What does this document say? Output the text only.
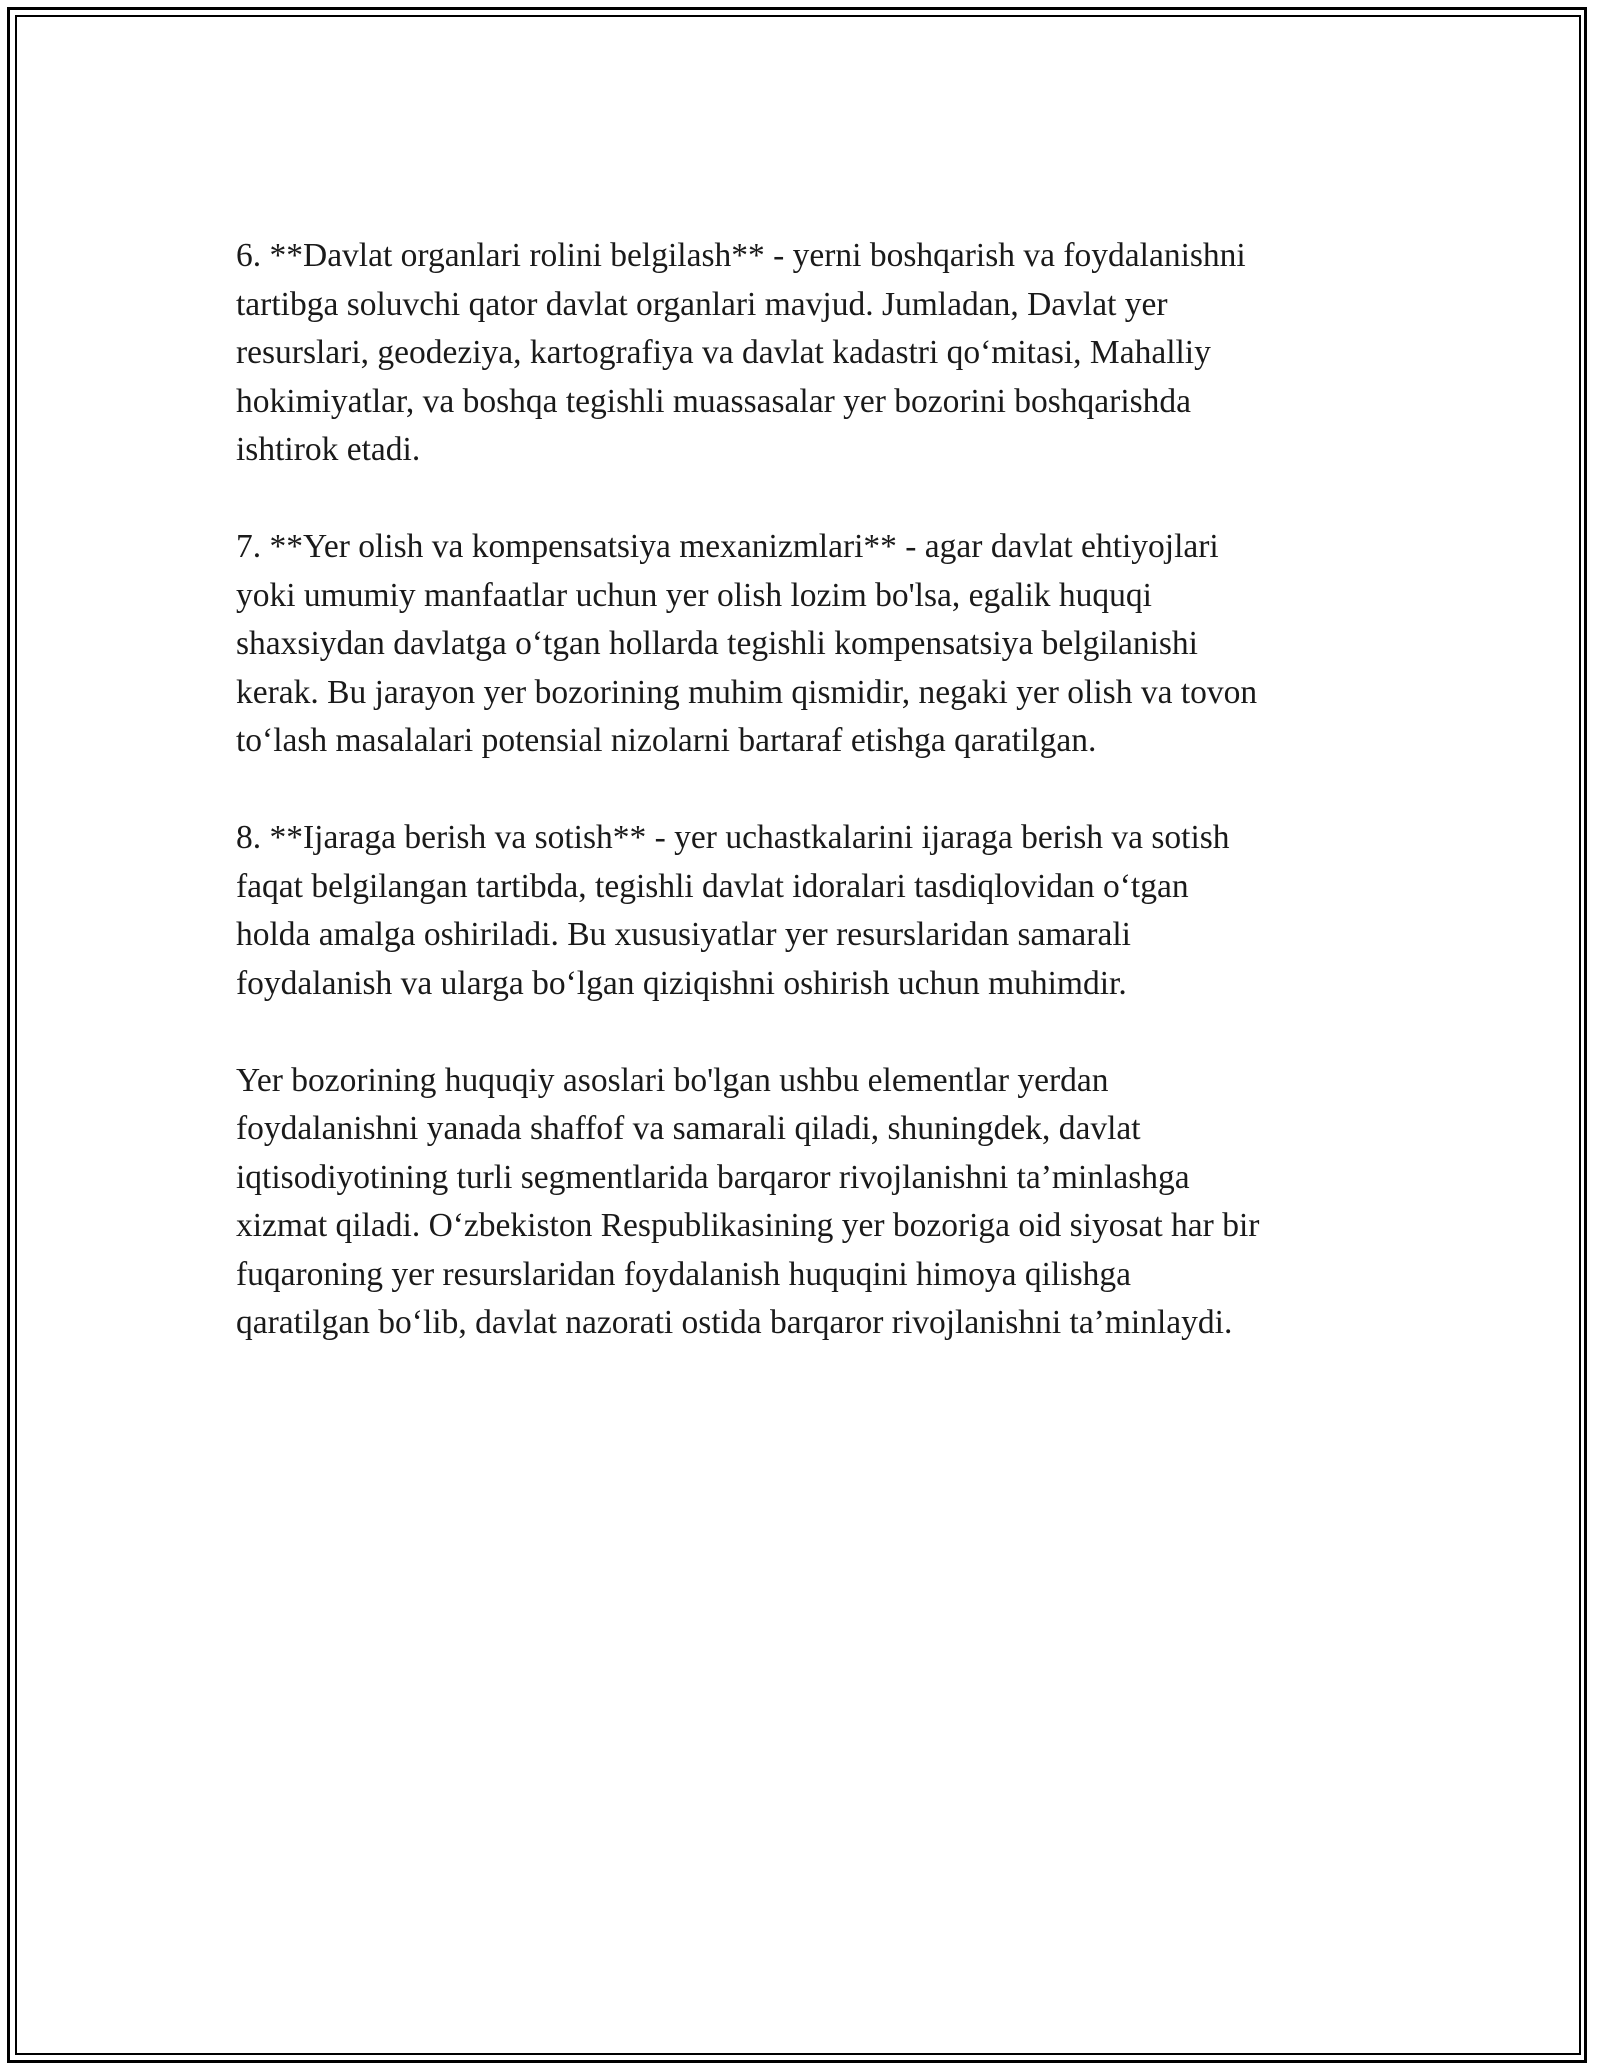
6. **Davlat organlari rolini belgilash** - yerni boshqarish va foydalanishni
tartibga soluvchi qator davlat organlari mavjud. Jumladan, Davlat yer
resurslari, geodeziya, kartografiya va davlat kadastri qo‘mitasi, Mahalliy
hokimiyatlar, va boshqa tegishli muassasalar yer bozorini boshqarishda
ishtirok etadi.

7. **Yer olish va kompensatsiya mexanizmlari** - agar davlat ehtiyojlari
yoki umumiy manfaatlar uchun yer olish lozim bo'lsa, egalik huquqi
shaxsiydan davlatga o‘tgan hollarda tegishli kompensatsiya belgilanishi
kerak. Bu jarayon yer bozorining muhim qismidir, negaki yer olish va tovon
to‘lash masalalari potensial nizolarni bartaraf etishga qaratilgan.

8. **Ijaraga berish va sotish** - yer uchastkalarini ijaraga berish va sotish
faqat belgilangan tartibda, tegishli davlat idoralari tasdiqlovidan o‘tgan
holda amalga oshiriladi. Bu xususiyatlar yer resurslaridan samarali
foydalanish va ularga bo‘lgan qiziqishni oshirish uchun muhimdir.

Yer bozorining huquqiy asoslari bo'lgan ushbu elementlar yerdan
foydalanishni yanada shaffof va samarali qiladi, shuningdek, davlat
iqtisodiyotining turli segmentlarida barqaror rivojlanishni ta’minlashga
xizmat qiladi. O‘zbekiston Respublikasining yer bozoriga oid siyosat har bir
fuqaroning yer resurslaridan foydalanish huquqini himoya qilishga
qaratilgan bo‘lib, davlat nazorati ostida barqaror rivojlanishni ta’minlaydi.
